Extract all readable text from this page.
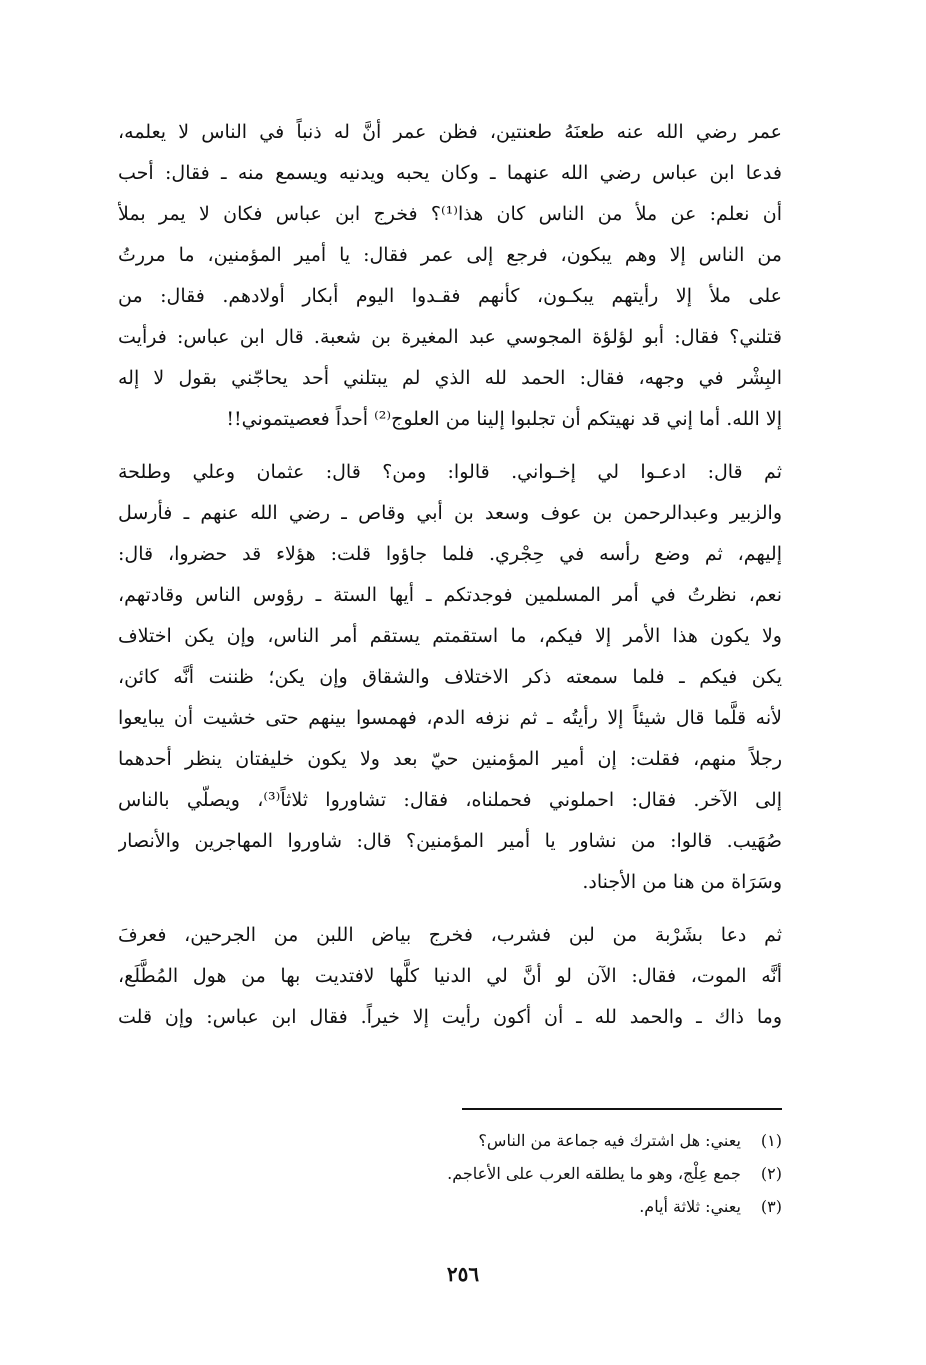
عمر رضي الله عنه طعنَهُ طعنتين، فظن عمر أنَّ له ذنباً في الناس لا يعلمه،
فدعا ابن عباس رضي الله عنهما ـ وكان يحبه ويدنيه ويسمع منه ـ فقال: أحب
أن نعلم: عن ملأ من الناس كان هذا⁽¹⁾؟ فخرج ابن عباس فكان لا يمر بملأ
من الناس إلا وهم يبكون، فرجع إلى عمر فقال: يا أمير المؤمنين، ما مررتُ
على ملأ إلا رأيتهم يبكـون، كأنهم فقـدوا اليوم أبكار أولادهم. فقال: من
قتلني؟ فقال: أبو لؤلؤة المجوسي عبد المغيرة بن شعبة. قال ابن عباس: فرأيت
البِشْر في وجهه، فقال: الحمد لله الذي لم يبتلني أحد يحاجّني بقول لا إله
إلا الله. أما إني قد نهيتكم أن تجلبوا إلينا من العلوج⁽²⁾ أحداً فعصيتموني!!
ثم قال: ادعـوا لي إخـواني. قالوا: ومن؟ قال: عثمان وعلي وطلحة
والزبير وعبدالرحمن بن عوف وسعد بن أبي وقاص ـ رضي الله عنهم ـ فأرسل
إليهم، ثم وضع رأسه في حِجْري. فلما جاؤوا قلت: هؤلاء قد حضروا، قال:
نعم، نظرتُ في أمر المسلمين فوجدتكم ـ أيها الستة ـ رؤوس الناس وقادتهم،
ولا يكون هذا الأمر إلا فيكم، ما استقمتم يستقم أمر الناس، وإن يكن اختلاف
يكن فيكم ـ فلما سمعته ذكر الاختلاف والشقاق وإن يكن؛ ظننت أنَّه كائن،
لأنه قلَّما قال شيئاً إلا رأيتُه ـ ثم نزفه الدم، فهمسوا بينهم حتى خشيت أن يبايعوا
رجلاً منهم، فقلت: إن أمير المؤمنين حيّ بعد ولا يكون خليفتان ينظر أحدهما
إلى الآخر. فقال: احملوني فحملناه، فقال: تشاوروا ثلاثاً⁽³⁾، ويصلّي بالناس
صُهَيب. قالوا: من نشاور يا أمير المؤمنين؟ قال: شاوروا المهاجرين والأنصار
وسَرَاة من هنا من الأجناد.
ثم دعا بشَرْبة من لبن فشرب، فخرج بياض اللبن من الجرحين، فعرفَ
أنَّه الموت، فقال: الآن لو أنَّ لي الدنيا كلَّها لافتديت بها من هول المُطَّلَع،
وما ذاك ـ والحمد لله ـ أن أكون رأيت إلا خيراً. فقال ابن عباس: وإن قلت
(١) يعني: هل اشترك فيه جماعة من الناس؟
(٢) جمع عِلْج، وهو ما يطلقه العرب على الأعاجم.
(٣) يعني: ثلاثة أيام.
٢٥٦
